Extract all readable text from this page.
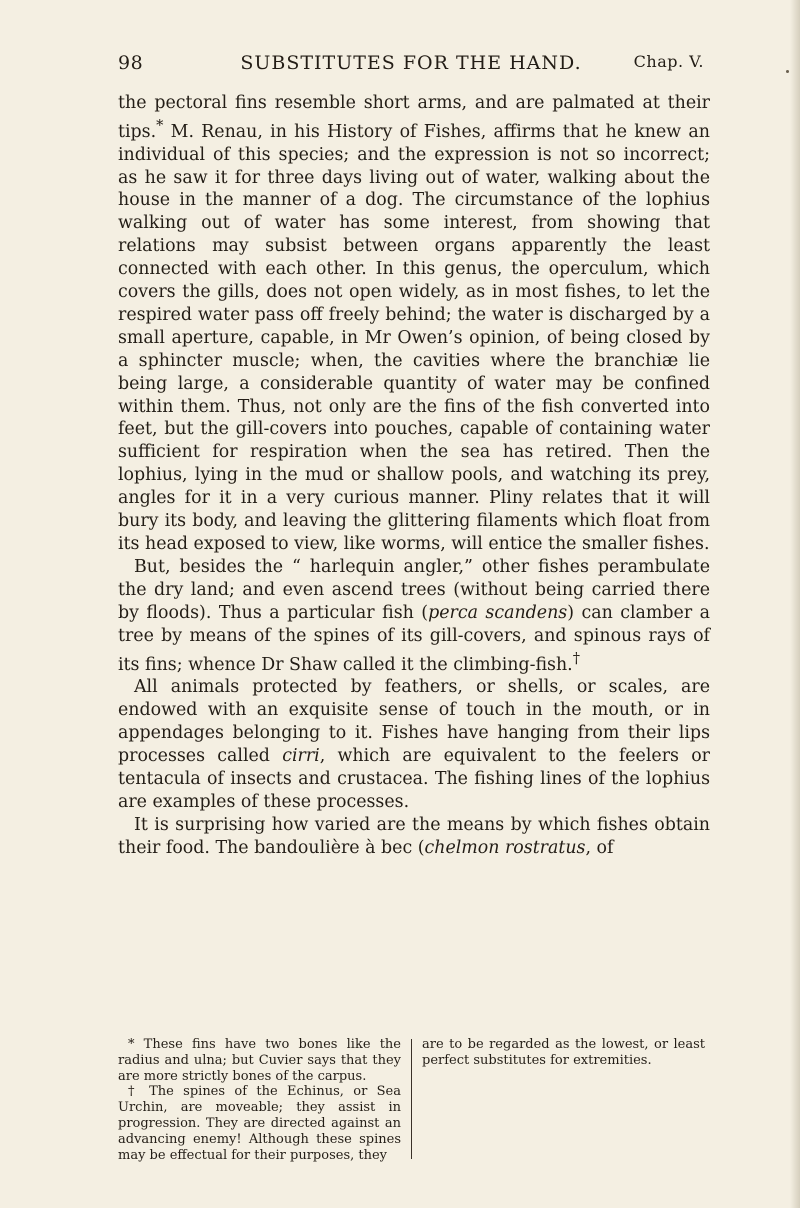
98	SUBSTITUTES FOR THE HAND.	Chap. V.

the pectoral fins resemble short arms, and are palmated at their tips.* M. Renau, in his History of Fishes, affirms that he knew an individual of this species; and the expression is not so incorrect; as he saw it for three days living out of water, walking about the house in the manner of a dog. The circumstance of the lophius walking out of water has some interest, from showing that relations may subsist between organs apparently the least connected with each other. In this genus, the operculum, which covers the gills, does not open widely, as in most fishes, to let the respired water pass off freely behind; the water is discharged by a small aperture, capable, in Mr Owen’s opinion, of being closed by a sphincter muscle; when, the cavities where the branchiæ lie being large, a considerable quantity of water may be confined within them. Thus, not only are the fins of the fish converted into feet, but the gill-covers into pouches, capable of containing water sufficient for respiration when the sea has retired. Then the lophius, lying in the mud or shallow pools, and watching its prey, angles for it in a very curious manner. Pliny relates that it will bury its body, and leaving the glittering filaments which float from its head exposed to view, like worms, will entice the smaller fishes.

But, besides the “ harlequin angler,” other fishes perambulate the dry land; and even ascend trees (without being carried there by floods). Thus a particular fish (perca scandens) can clamber a tree by means of the spines of its gill-covers, and spinous rays of its fins; whence Dr Shaw called it the climbing-fish.†

All animals protected by feathers, or shells, or scales, are endowed with an exquisite sense of touch in the mouth, or in appendages belonging to it. Fishes have hanging from their lips processes called cirri, which are equivalent to the feelers or tentacula of insects and crustacea. The fishing lines of the lophius are examples of these processes.

It is surprising how varied are the means by which fishes obtain their food. The bandoulière à bec (chelmon rostratus, of

* These fins have two bones like the radius and ulna; but Cuvier says that they are more strictly bones of the carpus.

† The spines of the Echinus, or Sea Urchin, are moveable; they assist in progression. They are directed against an advancing enemy! Although these spines may be effectual for their purposes, they

are to be regarded as the lowest, or least perfect substitutes for extremities.
